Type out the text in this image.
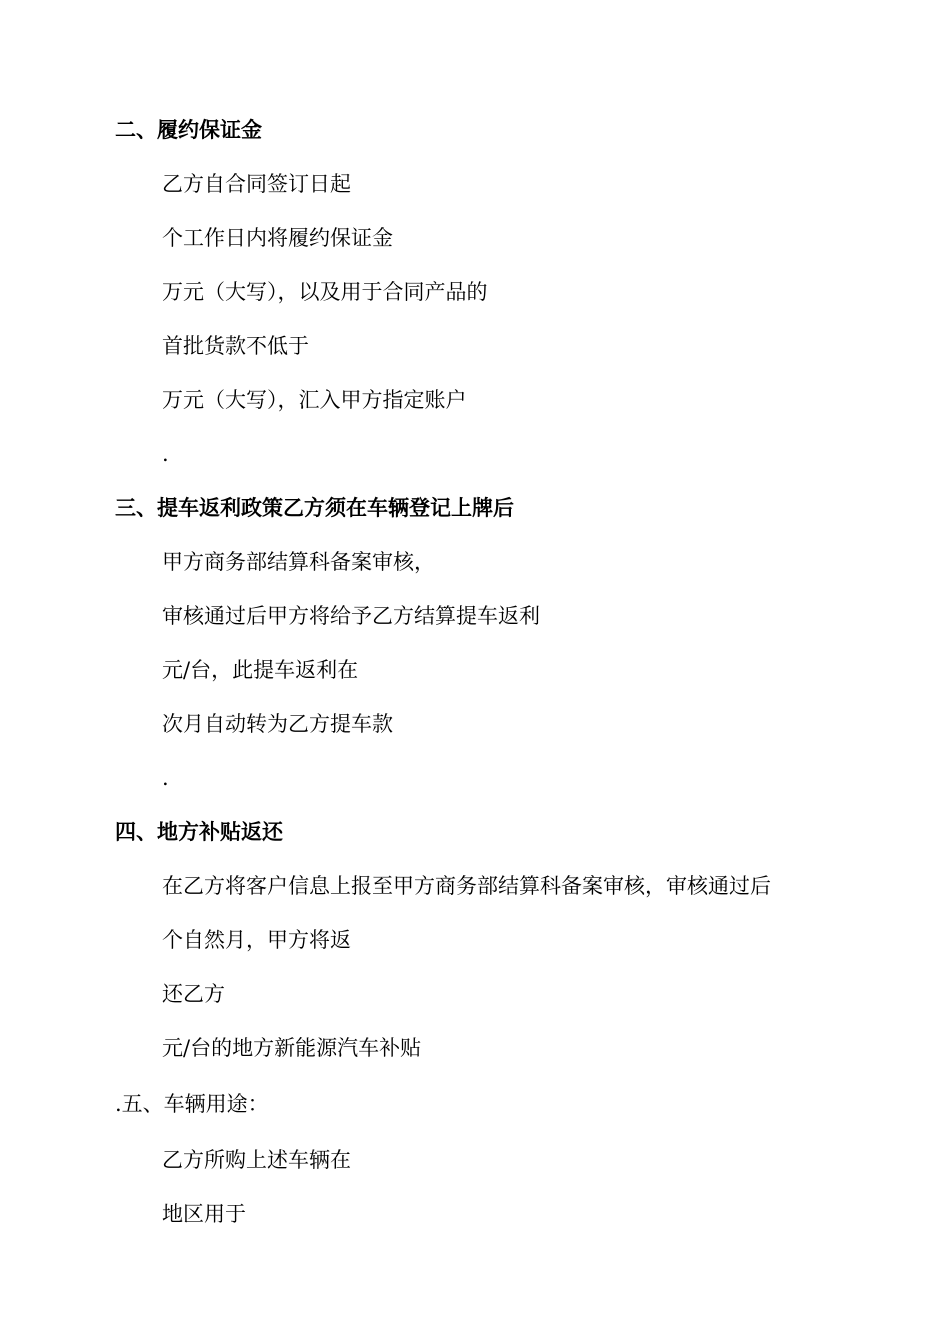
二、履约保证金
乙方自合同签订日起
个工作日内将履约保证金
万元（大写），以及用于合同产品的
首批货款不低于
万元（大写），汇入甲方指定账户
.
三、提车返利政策乙方须在车辆登记上牌后
甲方商务部结算科备案审核，
审核通过后甲方将给予乙方结算提车返利
元/台，此提车返利在
次月自动转为乙方提车款
.
四、地方补贴返还
在乙方将客户信息上报至甲方商务部结算科备案审核，审核通过后
个自然月，甲方将返
还乙方
元/台的地方新能源汽车补贴
.五、车辆用途：
乙方所购上述车辆在
地区用于
